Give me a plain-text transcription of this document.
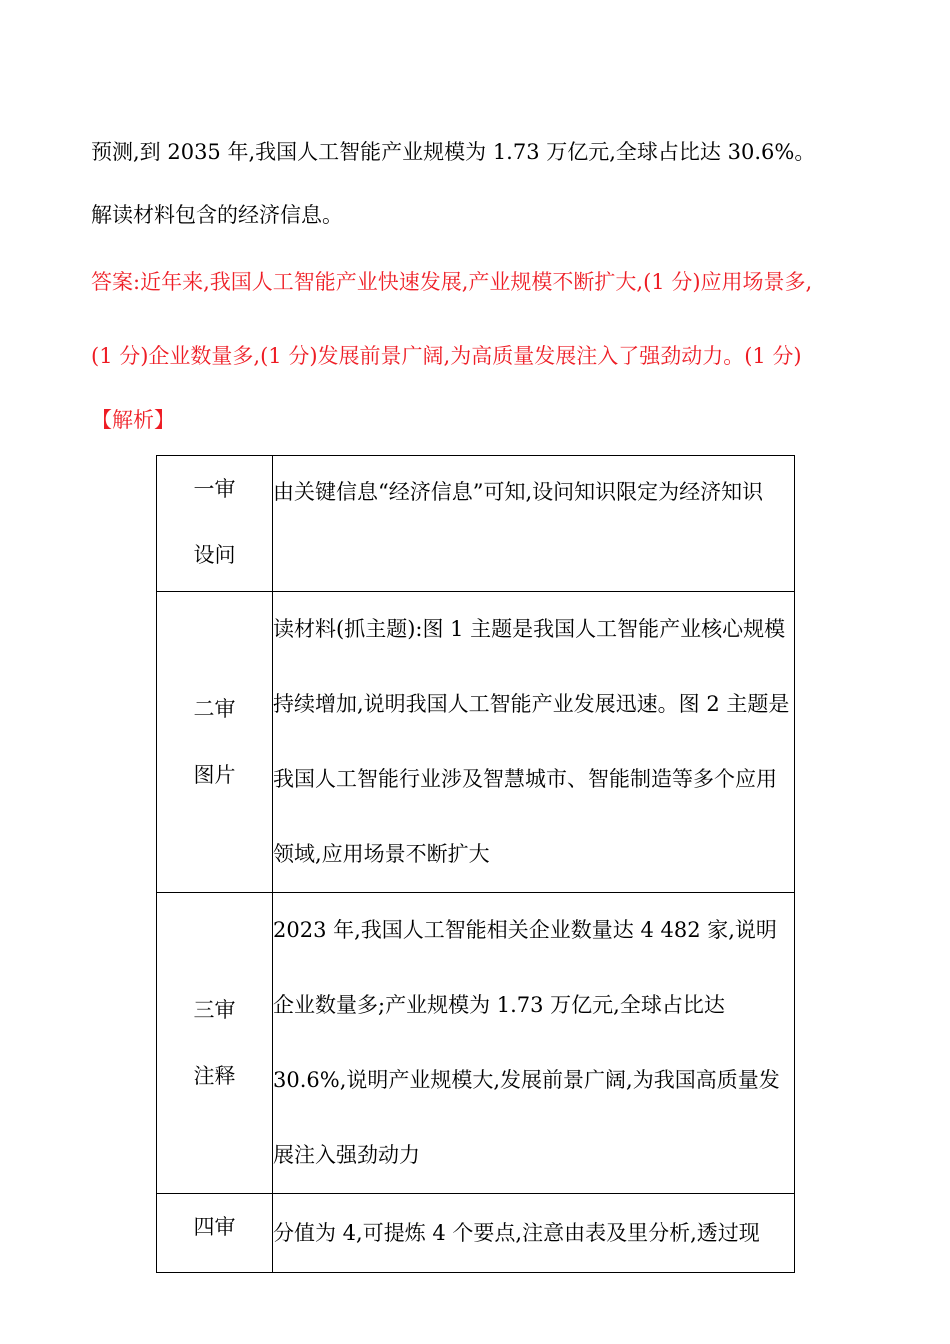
预测,到 2035 年,我国人工智能产业规模为 1.73 万亿元,全球占比达 30.6%。
解读材料包含的经济信息。
答案:近年来,我国人工智能产业快速发展,产业规模不断扩大,(1 分)应用场景多,
(1 分)企业数量多,(1 分)发展前景广阔,为高质量发展注入了强劲动力。(1 分)
【解析】
一审
设问	由关键信息“经济信息”可知,设问知识限定为经济知识

二审
图片	读材料(抓主题):图 1 主题是我国人工智能产业核心规模持续增加,说明我国人工智能产业发展迅速。图 2 主题是我国人工智能行业涉及智慧城市、智能制造等多个应用领域,应用场景不断扩大

三审
注释	2023 年,我国人工智能相关企业数量达 4 482 家,说明企业数量多;产业规模为 1.73 万亿元,全球占比达 30.6%,说明产业规模大,发展前景广阔,为我国高质量发展注入强劲动力

四审	分值为 4,可提炼 4 个要点,注意由表及里分析,透过现
